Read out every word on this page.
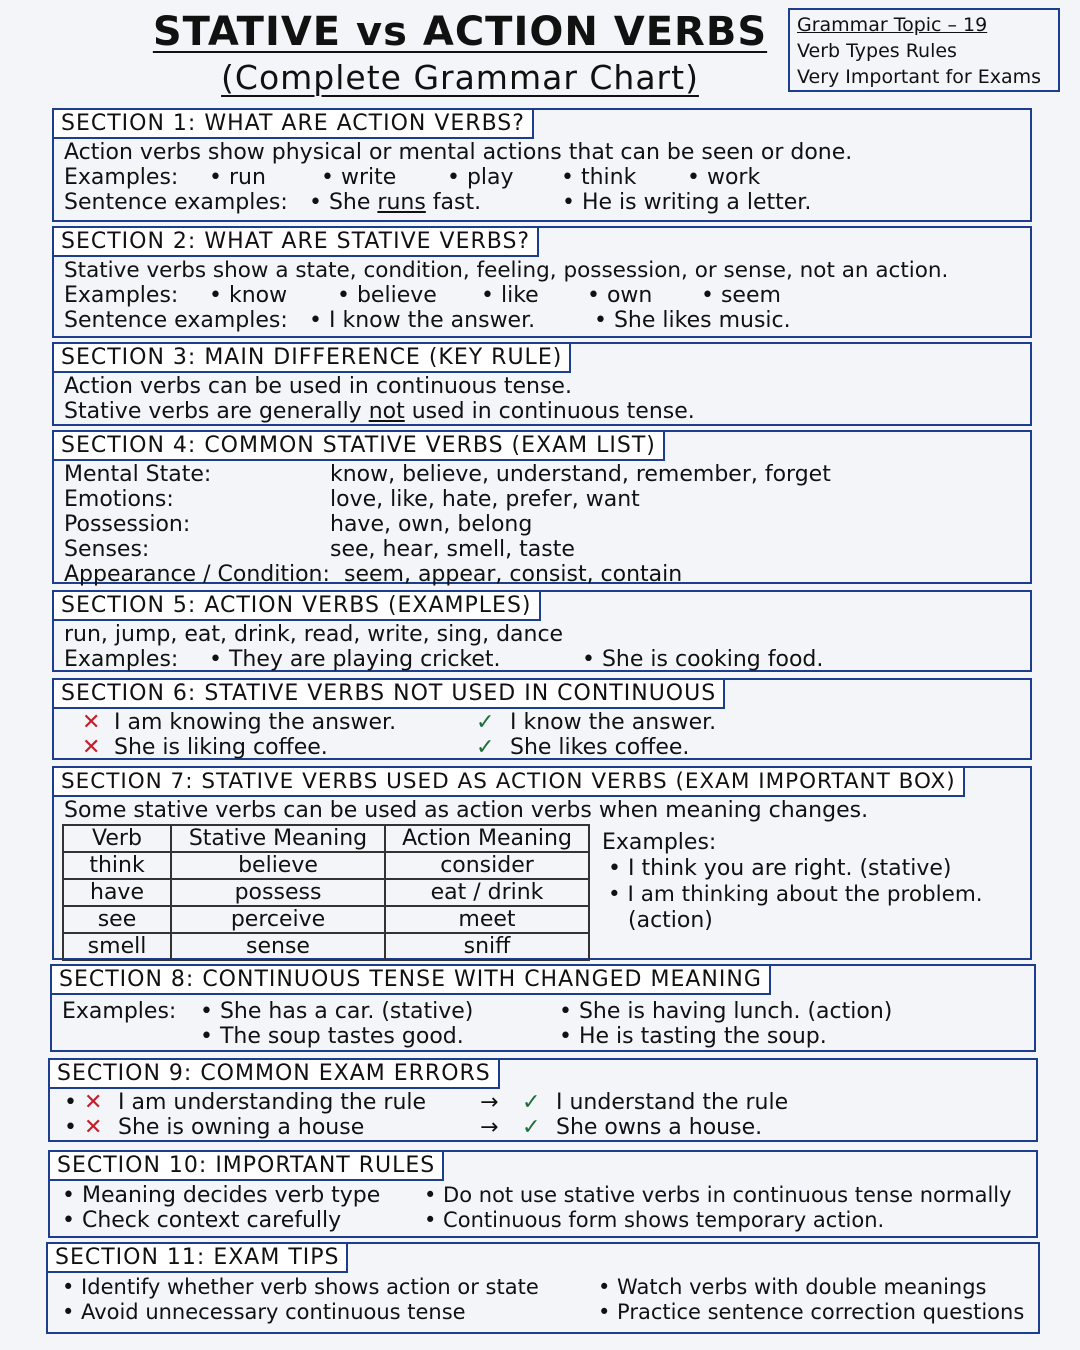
STATIVE vs ACTION VERBS
(Complete Grammar Chart)
Grammar Topic – 19
Verb Types Rules
Very Important for Exams
SECTION 1: WHAT ARE ACTION VERBS?
Action verbs show physical or mental actions that can be seen or done.
Examples: • run	• write • play • think • work
Sentence examples: • She runs fast.	• He is writing a letter.
SECTION 2: WHAT ARE STATIVE VERBS?
Stative verbs show a state, condition, feeling, possession, or sense, not an action.
Examples: • know • believe • like • own • seem
Sentence examples: • I know the answer.	• She likes music.
SECTION 3: MAIN DIFFERENCE (KEY RULE)
Action verbs can be used in continuous tense.
Stative verbs are generally not used in continuous tense.
SECTION 4: COMMON STATIVE VERBS (EXAM LIST)
Mental State:	know, believe, understand, remember, forget
Emotions:	love, like, hate, prefer, want
Possession:	have, own, belong
Senses:	see, hear, smell, taste
Appearance / Condition: seem, appear, consist, contain
SECTION 5: ACTION VERBS (EXAMPLES)
run, jump, eat, drink, read, write, sing, dance
Examples: • They are playing cricket.	• She is cooking food.
SECTION 6: STATIVE VERBS NOT USED IN CONTINUOUS
✕ I am knowing the answer.	✓ I know the answer.
✕ She is liking coffee.	✓ She likes coffee.
SECTION 7: STATIVE VERBS USED AS ACTION VERBS (EXAM IMPORTANT BOX)
Some stative verbs can be used as action verbs when meaning changes.
Verb	Stative Meaning	Action Meaning
think	believe	consider
have	possess	eat / drink
see	perceive	meet
smell	sense	sniff
Examples:
• I think you are right. (stative)
• I am thinking about the problem.
(action)
SECTION 8: CONTINUOUS TENSE WITH CHANGED MEANING
Examples: • She has a car. (stative)	• She is having lunch. (action)
• The soup tastes good.	• He is tasting the soup.
SECTION 9: COMMON EXAM ERRORS
• ✕ I am understanding the rule → ✓ I understand the rule
• ✕ She is owning a house	→ ✓ She owns a house.
SECTION 10: IMPORTANT RULES
• Meaning decides verb type • Do not use stative verbs in continuous tense normally
• Check context carefully	• Continuous form shows temporary action.
SECTION 11: EXAM TIPS
• Identify whether verb shows action or state	• Watch verbs with double meanings
• Avoid unnecessary continuous tense	• Practice sentence correction questions
